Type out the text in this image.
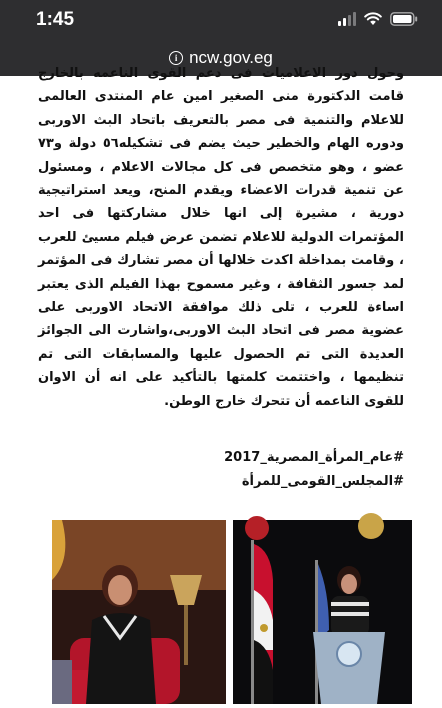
1:45
i ncw.gov.eg

وحول دور الاعلاميات فى دعم القوى الناعمه بالخارج قامت الدكتورة منى الصغير امين عام المنتدى العالمى للاعلام والتنمية فى مصر بالتعريف باتحاد البث الاوربى ودوره الهام والخطير حيث يضم فى تشكيله٥٦ دولة و٧٣ عضو ، وهو متخصص فى كل مجالات الاعلام ، ومسئول عن تنمية قدرات الاعضاء ويقدم المنح، ويعد استراتيجية دورية ، مشيرة إلى انها خلال مشاركتها فى احد المؤتمرات الدولية للاعلام تضمن عرض فيلم مسيئ للعرب ، وقامت بمداخلة اكدت خلالها أن مصر تشارك فى المؤتمر لمد جسور الثقافة ، وغير مسموح بهذا الفيلم الذى يعتبر اساءة للعرب ، تلى ذلك موافقة الاتحاد الاوربى على عضوية مصر فى اتحاد البث الاوربى،واشارت الى الجوائز العديدة التى تم الحصول عليها والمسابقات التى تم تنظيمها ، واختتمت كلمتها بالتأكيد على انه أن الاوان للقوى الناعمه أن تتحرك خارج الوطن.

#عام_المرأة_المصرية_2017
#المجلس_القومى_للمرأة
